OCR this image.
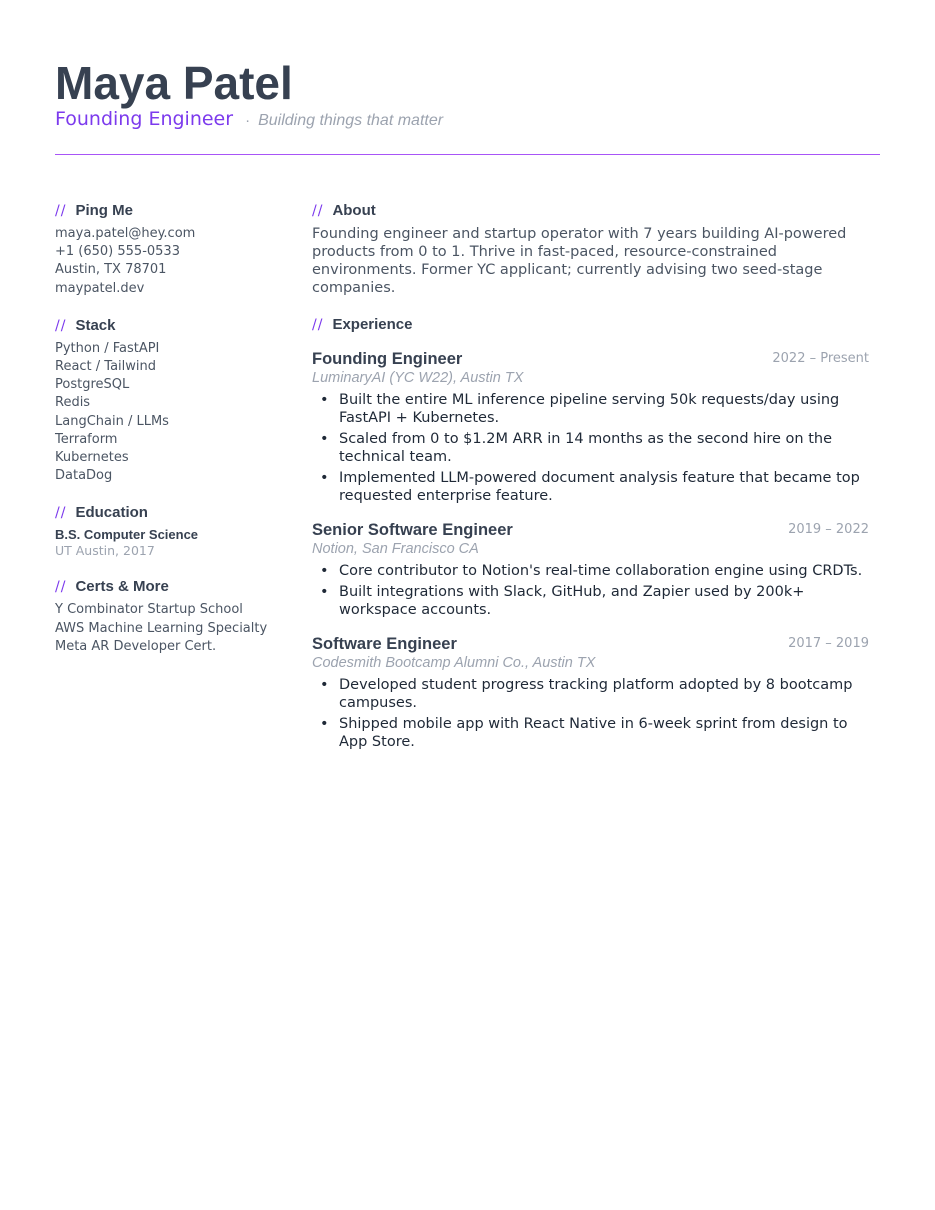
Maya Patel
Founding Engineer · Building things that matter
// Ping Me
maya.patel@hey.com
+1 (650) 555-0533
Austin, TX 78701
maypatel.dev
// Stack
Python / FastAPI
React / Tailwind
PostgreSQL
Redis
LangChain / LLMs
Terraform
Kubernetes
DataDog
// Education
B.S. Computer Science
UT Austin, 2017
// Certs & More
Y Combinator Startup School
AWS Machine Learning Specialty
Meta AR Developer Cert.
// About

Founding engineer and startup operator with 7 years building AI-powered products from 0 to 1. Thrive in fast-paced, resource-constrained environments. Former YC applicant; currently advising two seed-stage companies.

// Experience
Founding Engineer	2022 – Present
LuminaryAI (YC W22), Austin TX
• Built the entire ML inference pipeline serving 50k requests/day using FastAPI + Kubernetes.
• Scaled from 0 to $1.2M ARR in 14 months as the second hire on the technical team.
• Implemented LLM-powered document analysis feature that became top requested enterprise feature.
Senior Software Engineer	2019 – 2022
Notion, San Francisco CA
• Core contributor to Notion's real-time collaboration engine using CRDTs.
• Built integrations with Slack, GitHub, and Zapier used by 200k+ workspace accounts.
Software Engineer	2017 – 2019
Codesmith Bootcamp Alumni Co., Austin TX
• Developed student progress tracking platform adopted by 8 bootcamp campuses.
• Shipped mobile app with React Native in 6-week sprint from design to App Store.
